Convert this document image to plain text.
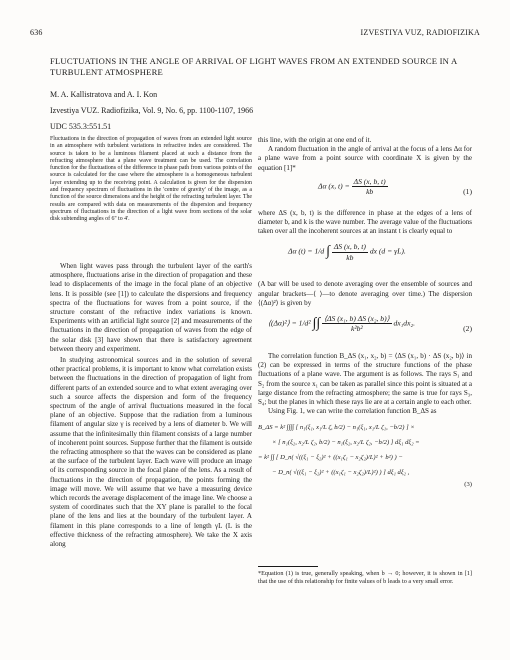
636	IZVESTIYA VUZ, RADIOFIZIKA
FLUCTUATIONS IN THE ANGLE OF ARRIVAL OF LIGHT WAVES FROM AN EXTENDED SOURCE IN A TURBULENT ATMOSPHERE
M. A. Kallistratova and A. I. Kon
Izvestiya VUZ. Radiofizika, Vol. 9, No. 6, pp. 1100-1107, 1966
UDC 535.3:551.51
Fluctuations in the direction of propagation of waves from an extended light source in an atmosphere with turbulent variations in refractive index are considered. The source is taken to be a luminous filament placed at such a distance from the refracting atmosphere that a plane wave treatment can be used. The correlation function for the fluctuations of the difference in phase path from various points of the source is calculated for the case where the atmosphere is a homogeneous turbulent layer extending up to the receiving point. A calculation is given for the dispersion and frequency spectrum of fluctuations in the 'centre of gravity' of the image, as a function of the source dimensions and the height of the refracting turbulent layer. The results are compared with data on measurements of the dispersion and frequency spectrum of fluctuations in the direction of a light wave from sections of the solar disk subtending angles of 6'' to 4'.

When light waves pass through the turbulent layer of the earth's atmosphere, fluctuations arise in the direction of propagation and these lead to displacements of the image in the focal plane of an objective lens. It is possible (see [1]) to calculate the dispersions and frequency spectra of the fluctuations for waves from a point source, if the structure constant of the refractive index variations is known. Experiments with an artificial light source [2] and measurements of the fluctuations in the direction of propagation of waves from the edge of the solar disk [3] have shown that there is satisfactory agreement between theory and experiment.

In studying astronomical sources and in the solution of several other practical problems, it is important to know what correlation exists between the fluctuations in the direction of propagation of light from different parts of an extended source and to what extent averaging over such a source affects the dispersion and form of the frequency spectrum of the angle of arrival fluctuations measured in the focal plane of an objective. Suppose that the radiation from a luminous filament of angular size γ is received by a lens of diameter b. We will assume that the infinitesimally thin filament consists of a large number of incoherent point sources. Suppose further that the filament is outside the refracting atmosphere so that the waves can be considered as plane at the surface of the turbulent layer. Each wave will produce an image of its corresponding source in the focal plane of the lens. As a result of fluctuations in the direction of propagation, the points forming the image will move. We will assume that we have a measuring device which records the average displacement of the image line. We choose a system of coordinates such that the XY plane is parallel to the focal plane of the lens and lies at the boundary of the turbulent layer. A filament in this plane corresponds to a line of length γL (L is the effective thickness of the refracting atmosphere). We take the X axis along

this line, with the origin at one end of it.

A random fluctuation in the angle of arrival at the focus of a lens Δα for a plane wave from a point source with coordinate X is given by the equation [1]*

Δα (x, $t) = \frac{\Delta S (x, b, t)}{kb}$	(1)

where ΔS (x, b, t) is the difference in phase at the edges of a lens of diameter b, and k is the wave number. The average value of the fluctuations taken over all the incoherent sources at an instant t is clearly equal to

Δα (t) = 1/d ∫ $\frac{\Delta S (x, b, t)}{kb}$ dx (d = γL).

(A bar will be used to denote averaging over the ensemble of sources and angular brackets—⟨ ⟩—to denote averaging over time.) The dispersion ⟨(Δα)²⟩ is given by

⟨(Δα)²⟩ = 1/d² ∫∫ $\frac{\text{⟨ΔS (x₁, b) ΔS (x₂, b)⟩}}{\text{k²b²}} dx_1dx_2$.
(2)

The correlation function B_ΔS (x₁, x₂, b) = ⟨ΔS (x₁, b) · ΔS (x₂, b)⟩ in (2) can be expressed in terms of the structure functions of the phase fluctuations of a plane wave. The argument is as follows. The rays S₁ and S₂ from the source x₁ can be taken as parallel since this point is situated at a large distance from the refracting atmosphere; the same is true for rays S₃, S₄; but the planes in which these rays lie are at a certain angle to each other.

Using Fig. 1, we can write the correlation function B_ΔS as

B_ΔS = k² ∫∫∫∫ [ n₁(ξ₁, x₁/L ζ, b/2) − n₁(ξ₁, x₁/L ζ₁, −b/2) ] ×
× [ n₁(ξ₂, x₂/L ζ₂, b/2) − n₁(ξ₂, x₂/L ζ₂, −b/2) ] dξ₁ dξ₂ =
= k² ∫∫ [ D_n( √((ξ₁ − ξ₂)² + ((x₁ζ₁ − x₂ζ₂)/L)² + b²) ) −
− D_n( √((ξ₁ − ξ₂)² + ((x₁ζ₁ − x₂ζ₂)/L)²) ) ] dξ₁ dξ₂ ,
(3)
*Equation (1) is true, generally speaking, when b → 0; however, it is shown in [1] that the use of this relationship for finite values of b leads to a very small error.
